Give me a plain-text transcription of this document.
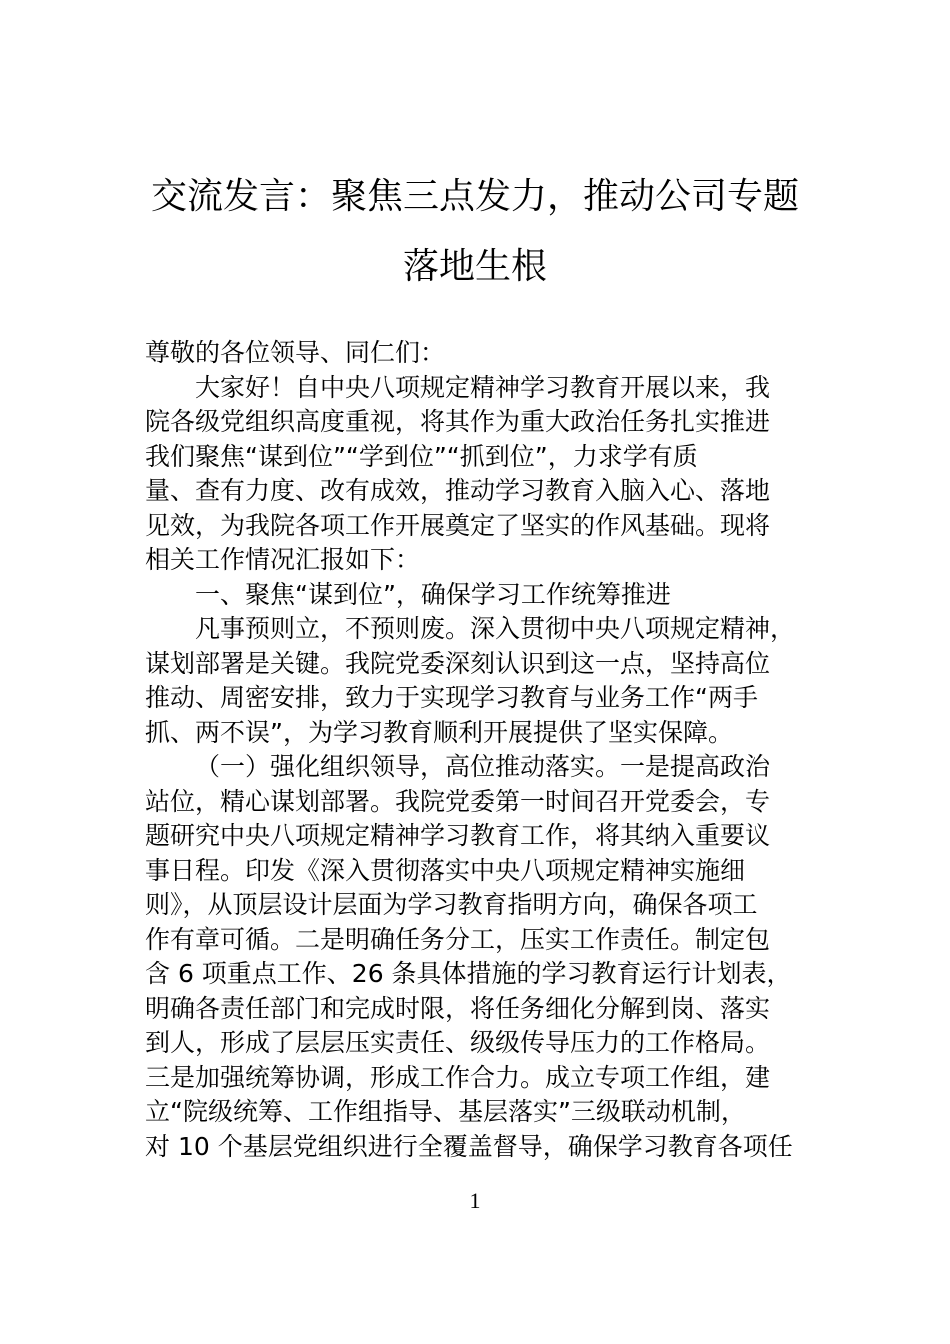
交流发言：聚焦三点发力，推动公司专题
落地生根
尊敬的各位领导、同仁们：
大家好！自中央八项规定精神学习教育开展以来，我
院各级党组织高度重视，将其作为重大政治任务扎实推进
我们聚焦“谋到位”“学到位”“抓到位”，力求学有质
量、查有力度、改有成效，推动学习教育入脑入心、落地
见效，为我院各项工作开展奠定了坚实的作风基础。现将
相关工作情况汇报如下：
一、聚焦“谋到位”，确保学习工作统筹推进
凡事预则立，不预则废。深入贯彻中央八项规定精神，
谋划部署是关键。我院党委深刻认识到这一点，坚持高位
推动、周密安排，致力于实现学习教育与业务工作“两手
抓、两不误”，为学习教育顺利开展提供了坚实保障。
（一）强化组织领导，高位推动落实。一是提高政治
站位，精心谋划部署。我院党委第一时间召开党委会，专
题研究中央八项规定精神学习教育工作，将其纳入重要议
事日程。印发《深入贯彻落实中央八项规定精神实施细
则》，从顶层设计层面为学习教育指明方向，确保各项工
作有章可循。二是明确任务分工，压实工作责任。制定包
含 6 项重点工作、26 条具体措施的学习教育运行计划表，
明确各责任部门和完成时限，将任务细化分解到岗、落实
到人，形成了层层压实责任、级级传导压力的工作格局。
三是加强统筹协调，形成工作合力。成立专项工作组，建
立“院级统筹、工作组指导、基层落实”三级联动机制，
对 10 个基层党组织进行全覆盖督导，确保学习教育各项任
1
